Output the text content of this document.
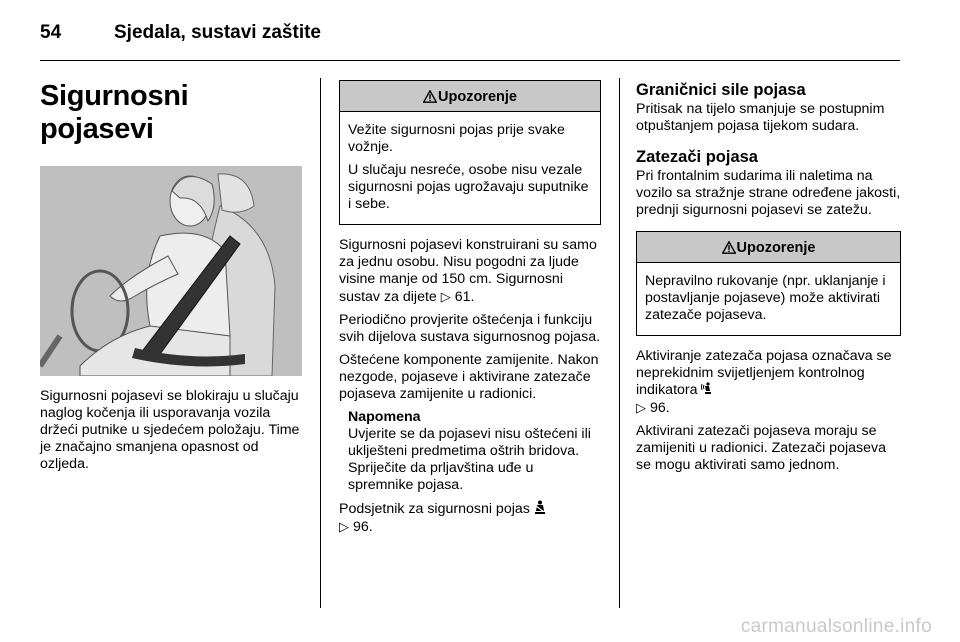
54	Sjedala, sustavi zaštite
Sigurnosni pojasevi

Sigurnosni pojasevi se blokiraju u slučaju naglog kočenja ili usporavanja vozila držeći putnike u sjedećem položaju. Time je značajno smanjena opasnost od ozljeda.

Upozorenje

Vežite sigurnosni pojas prije svake vožnje.

U slučaju nesreće, osobe nisu vezale sigurnosni pojas ugrožavaju suputnike i sebe.

Sigurnosni pojasevi konstruirani su samo za jednu osobu. Nisu pogodni za ljude visine manje od 150 cm. Sigurnosni sustav za dijete ▷ 61.

Periodično provjerite oštećenja i funkciju svih dijelova sustava sigurnosnog pojasa.

Oštećene komponente zamijenite. Nakon nezgode, pojaseve i aktivirane zatezače pojaseva zamijenite u radionici.

Napomena

Uvjerite se da pojasevi nisu oštećeni ili uklješteni predmetima oštrih bridova. Spriječite da prljavština uđe u spremnike pojasa.

Podsjetnik za sigurnosni pojas
▷ 96.

Graničnici sile pojasa

Pritisak na tijelo smanjuje se postupnim otpuštanjem pojasa tijekom sudara.

Zatezači pojasa

Pri frontalnim sudarima ili naletima na vozilo sa stražnje strane određene jakosti, prednji sigurnosni pojasevi se zatežu.

Upozorenje

Nepravilno rukovanje (npr. uklanjanje i postavljanje pojaseve) može aktivirati zatezače pojaseva.

Aktiviranje zatezača pojasa označava se neprekidnim svijetljenjem kontrolnog indikatora
▷ 96.

Aktivirani zatezači pojaseva moraju se zamijeniti u radionici. Zatezači pojaseva se mogu aktivirati samo jednom.

carmanualsonline.info
